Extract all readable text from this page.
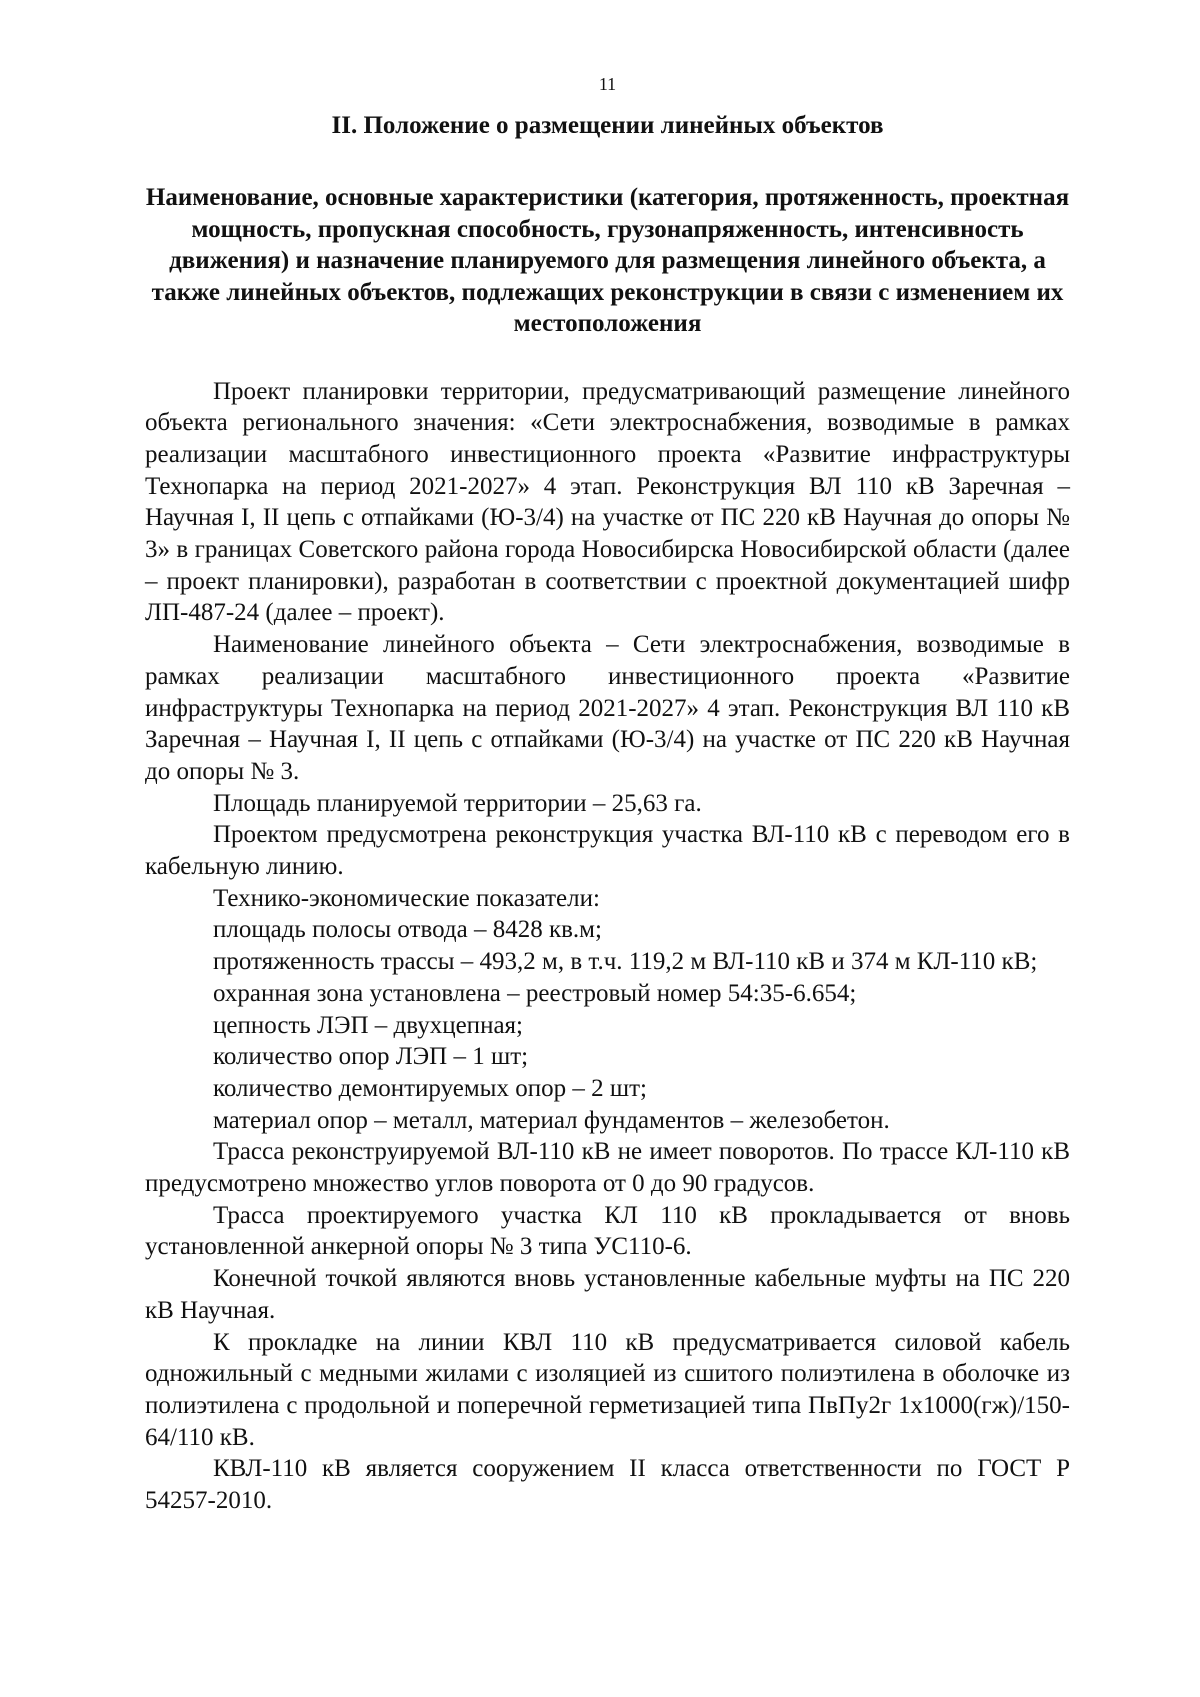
11
II. Положение о размещении линейных объектов
Наименование, основные характеристики (категория, протяженность, проектная мощность, пропускная способность, грузонапряженность, интенсивность движения) и назначение планируемого для размещения линейного объекта, а также линейных объектов, подлежащих реконструкции в связи с изменением их местоположения

Проект планировки территории, предусматривающий размещение линейного объекта регионального значения: «Сети электроснабжения, возводимые в рамках реализации масштабного инвестиционного проекта «Развитие инфраструктуры Технопарка на период 2021-2027» 4 этап. Реконструкция ВЛ 110 кВ Заречная – Научная I, II цепь с отпайками (Ю-3/4) на участке от ПС 220 кВ Научная до опоры № 3» в границах Советского района города Новосибирска Новосибирской области (далее – проект планировки), разработан в соответствии с проектной документацией шифр ЛП-487-24 (далее – проект).

Наименование линейного объекта – Сети электроснабжения, возводимые в рамках реализации масштабного инвестиционного проекта «Развитие инфраструктуры Технопарка на период 2021-2027» 4 этап. Реконструкция ВЛ 110 кВ Заречная – Научная I, II цепь с отпайками (Ю-3/4) на участке от ПС 220 кВ Научная до опоры № 3.

Площадь планируемой территории – 25,63 га.

Проектом предусмотрена реконструкция участка ВЛ-110 кВ с переводом его в кабельную линию.

Технико-экономические показатели:

площадь полосы отвода – 8428 кв.м;

протяженность трассы – 493,2 м, в т.ч. 119,2 м ВЛ-110 кВ и 374 м КЛ-110 кВ;

охранная зона установлена – реестровый номер 54:35-6.654;

цепность ЛЭП – двухцепная;

количество опор ЛЭП – 1 шт;

количество демонтируемых опор – 2 шт;

материал опор – металл, материал фундаментов – железобетон.

Трасса реконструируемой ВЛ-110 кВ не имеет поворотов. По трассе КЛ-110 кВ предусмотрено множество углов поворота от 0 до 90 градусов.

Трасса проектируемого участка КЛ 110 кВ прокладывается от вновь установленной анкерной опоры № 3 типа УС110-6.

Конечной точкой являются вновь установленные кабельные муфты на ПС 220 кВ Научная.

К прокладке на линии КВЛ 110 кВ предусматривается силовой кабель одножильный с медными жилами с изоляцией из сшитого полиэтилена в оболочке из полиэтилена с продольной и поперечной герметизацией типа ПвПу2г 1х1000(гж)/150-64/110 кВ.

КВЛ-110 кВ является сооружением II класса ответственности по ГОСТ Р 54257-2010.
